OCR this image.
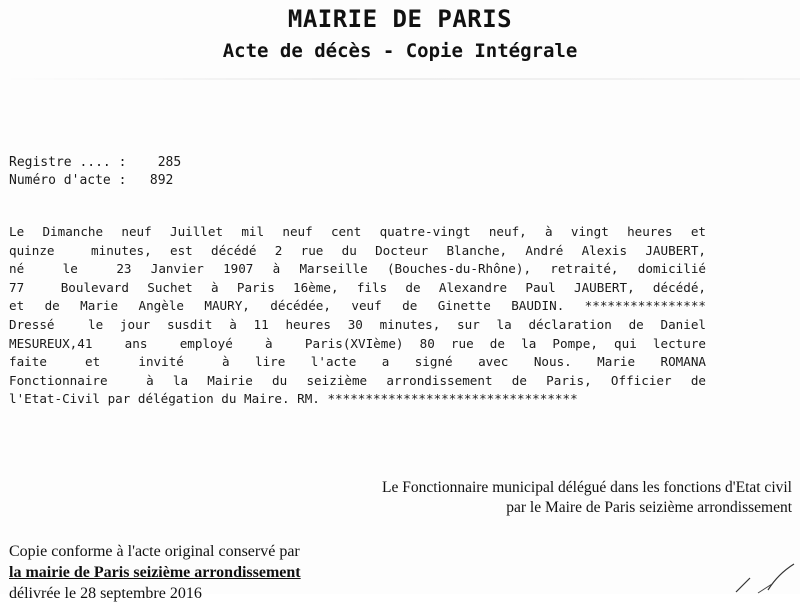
MAIRIE DE PARIS
Acte de décès - Copie Intégrale
Registre .... :    285
Numéro d'acte :   892
Le Dimanche neuf Juillet mil neuf cent quatre-vingt neuf, à vingt heures et
quinze  minutes, est décédé 2 rue du Docteur Blanche, André Alexis JAUBERT,
né  le  23 Janvier 1907 à Marseille (Bouches-du-Rhône), retraité, domicilié
77  Boulevard Suchet à Paris 16ème, fils de Alexandre Paul JAUBERT, décédé,
et de Marie Angèle MAURY, décédée, veuf de Ginette BAUDIN. ****************
Dressé  le jour susdit à 11 heures 30 minutes, sur la déclaration de Daniel
MESUREUX,41  ans  employé  à  Paris(XVIème) 80 rue de la Pompe, qui lecture
faite   et   invité   à  lire  l'acte  a  signé  avec  Nous.  Marie  ROMANA
Fonctionnaire  à la Mairie du seizième arrondissement de Paris, Officier de
l'Etat-Civil par délégation du Maire. RM. *********************************
Le Fonctionnaire municipal délégué dans les fonctions d'Etat civil
par le Maire de Paris seizième arrondissement
Copie conforme à l'acte original conservé par
la mairie de Paris seizième arrondissement
délivrée le 28 septembre 2016
